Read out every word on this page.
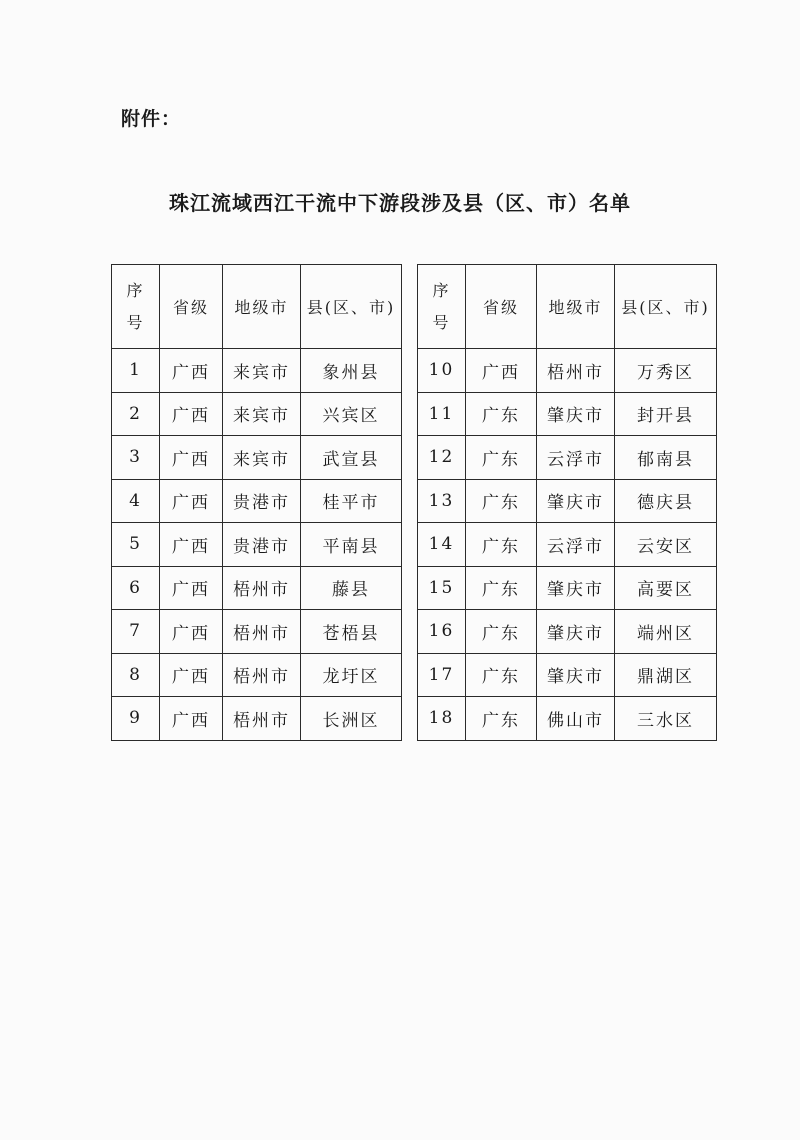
附件：
珠江流域西江干流中下游段涉及县（区、市）名单
序
号	省级	地级市	县(区、市)
1	广西	来宾市	象州县
2	广西	来宾市	兴宾区
3	广西	来宾市	武宣县
4	广西	贵港市	桂平市
5	广西	贵港市	平南县
6	广西	梧州市	藤县
7	广西	梧州市	苍梧县
8	广西	梧州市	龙圩区
9	广西	梧州市	长洲区
序
号	省级	地级市	县(区、市)
10	广西	梧州市	万秀区
11	广东	肇庆市	封开县
12	广东	云浮市	郁南县
13	广东	肇庆市	德庆县
14	广东	云浮市	云安区
15	广东	肇庆市	高要区
16	广东	肇庆市	端州区
17	广东	肇庆市	鼎湖区
18	广东	佛山市	三水区
